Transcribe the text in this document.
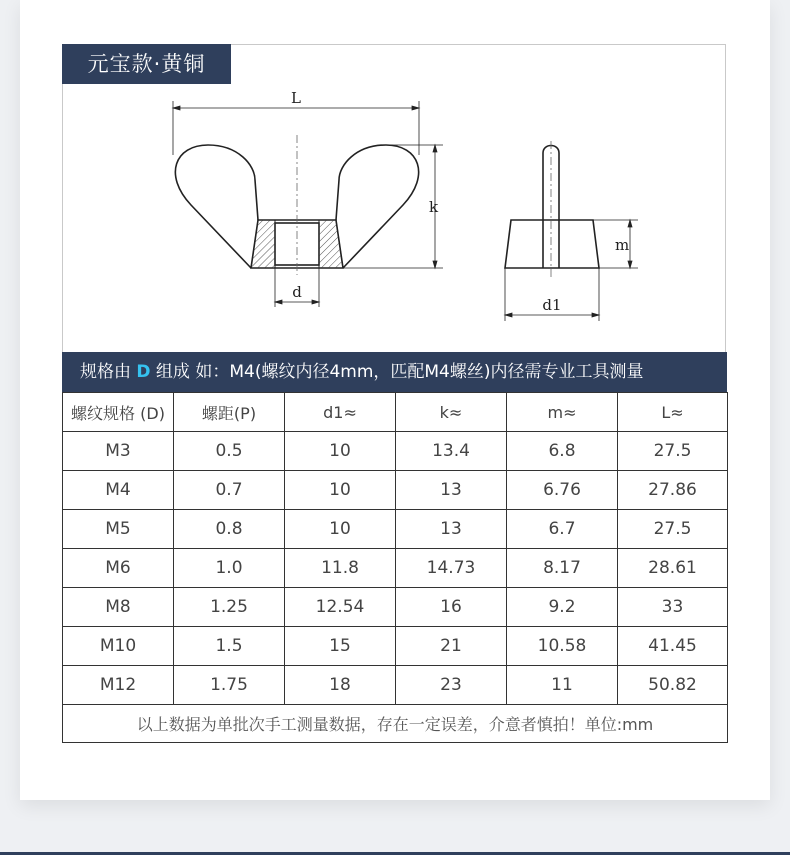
L
k
d
m
d1
元宝款·黄铜
规格由 D 组成 如：M4(螺纹内径4mm，匹配M4螺丝)内径需专业工具测量
螺纹规格 (D)	螺距(P)	d1≈	k≈	m≈	L≈
M3	0.5	10	13.4	6.8	27.5
M4	0.7	10	13	6.76	27.86
M5	0.8	10	13	6.7	27.5
M6	1.0	11.8	14.73	8.17	28.61
M8	1.25	12.54	16	9.2	33
M10	1.5	15	21	10.58	41.45
M12	1.75	18	23	11	50.82
以上数据为单批次手工测量数据，存在一定误差，介意者慎拍！单位:mm					
